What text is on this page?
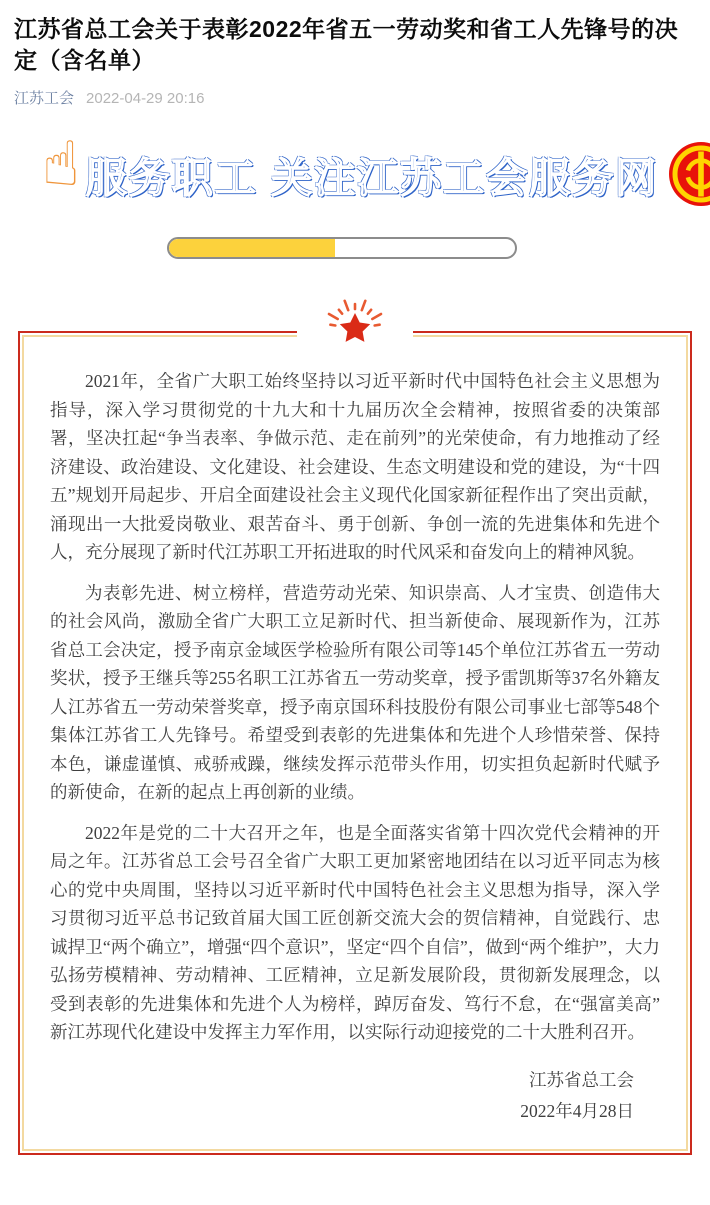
江苏省总工会关于表彰2022年省五一劳动奖和省工人先锋号的决定（含名单）
江苏工会 2022-04-29 20:16
☝ 服务职工 关注江苏工会服务网

2021年，全省广大职工始终坚持以习近平新时代中国特色社会主义思想为指导，深入学习贯彻党的十九大和十九届历次全会精神，按照省委的决策部署，坚决扛起“争当表率、争做示范、走在前列”的光荣使命，有力地推动了经济建设、政治建设、文化建设、社会建设、生态文明建设和党的建设，为“十四五”规划开局起步、开启全面建设社会主义现代化国家新征程作出了突出贡献，涌现出一大批爱岗敬业、艰苦奋斗、勇于创新、争创一流的先进集体和先进个人，充分展现了新时代江苏职工开拓进取的时代风采和奋发向上的精神风貌。

为表彰先进、树立榜样，营造劳动光荣、知识崇高、人才宝贵、创造伟大的社会风尚，激励全省广大职工立足新时代、担当新使命、展现新作为，江苏省总工会决定，授予南京金域医学检验所有限公司等145个单位江苏省五一劳动奖状，授予王继兵等255名职工江苏省五一劳动奖章，授予雷凯斯等37名外籍友人江苏省五一劳动荣誉奖章，授予南京国环科技股份有限公司事业七部等548个集体江苏省工人先锋号。希望受到表彰的先进集体和先进个人珍惜荣誉、保持本色，谦虚谨慎、戒骄戒躁，继续发挥示范带头作用，切实担负起新时代赋予的新使命，在新的起点上再创新的业绩。

2022年是党的二十大召开之年，也是全面落实省第十四次党代会精神的开局之年。江苏省总工会号召全省广大职工更加紧密地团结在以习近平同志为核心的党中央周围，坚持以习近平新时代中国特色社会主义思想为指导，深入学习贯彻习近平总书记致首届大国工匠创新交流大会的贺信精神，自觉践行、忠诚捍卫“两个确立”，增强“四个意识”，坚定“四个自信”，做到“两个维护”，大力弘扬劳模精神、劳动精神、工匠精神，立足新发展阶段，贯彻新发展理念，以受到表彰的先进集体和先进个人为榜样，踔厉奋发、笃行不怠，在“强富美高”新江苏现代化建设中发挥主力军作用，以实际行动迎接党的二十大胜利召开。

江苏省总工会
2022年4月28日
